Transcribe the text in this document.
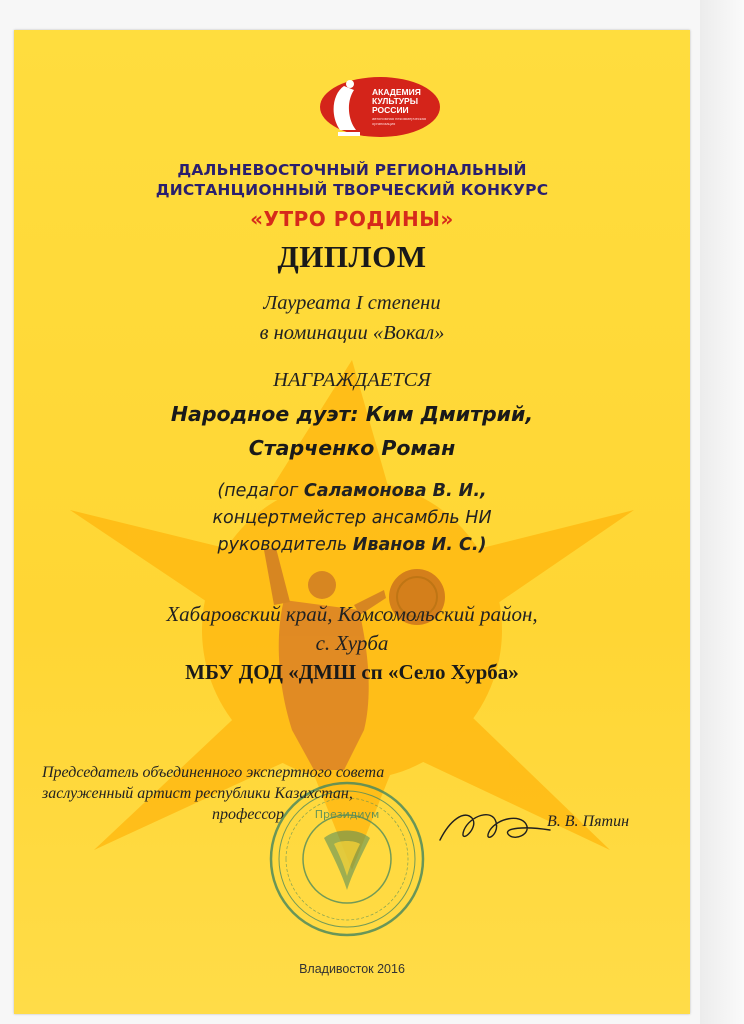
АКАДЕМИЯ
КУЛЬТУРЫ
РОССИИ
автономная некоммерческая организация
ДАЛЬНЕВОСТОЧНЫЙ РЕГИОНАЛЬНЫЙ
ДИСТАНЦИОННЫЙ ТВОРЧЕСКИЙ КОНКУРС
«УТРО РОДИНЫ»
ДИПЛОМ
Лауреата I степени
в номинации «Вокал»
НАГРАЖДАЕТСЯ
Народное дуэт: Ким Дмитрий,
Старченко Роман
(педагог Саламонова В. И.,
концертмейстер ансамбль НИ
руководитель Иванов И. С.)
Хабаровский край, Комсомольский район,
с. Хурба
МБУ ДОД «ДМШ сп «Село Хурба»
Президиум
Председатель объединенного экспертного совета
заслуженный артист республики Казахстан,
профессор	В. В. Пятин
Владивосток 2016
